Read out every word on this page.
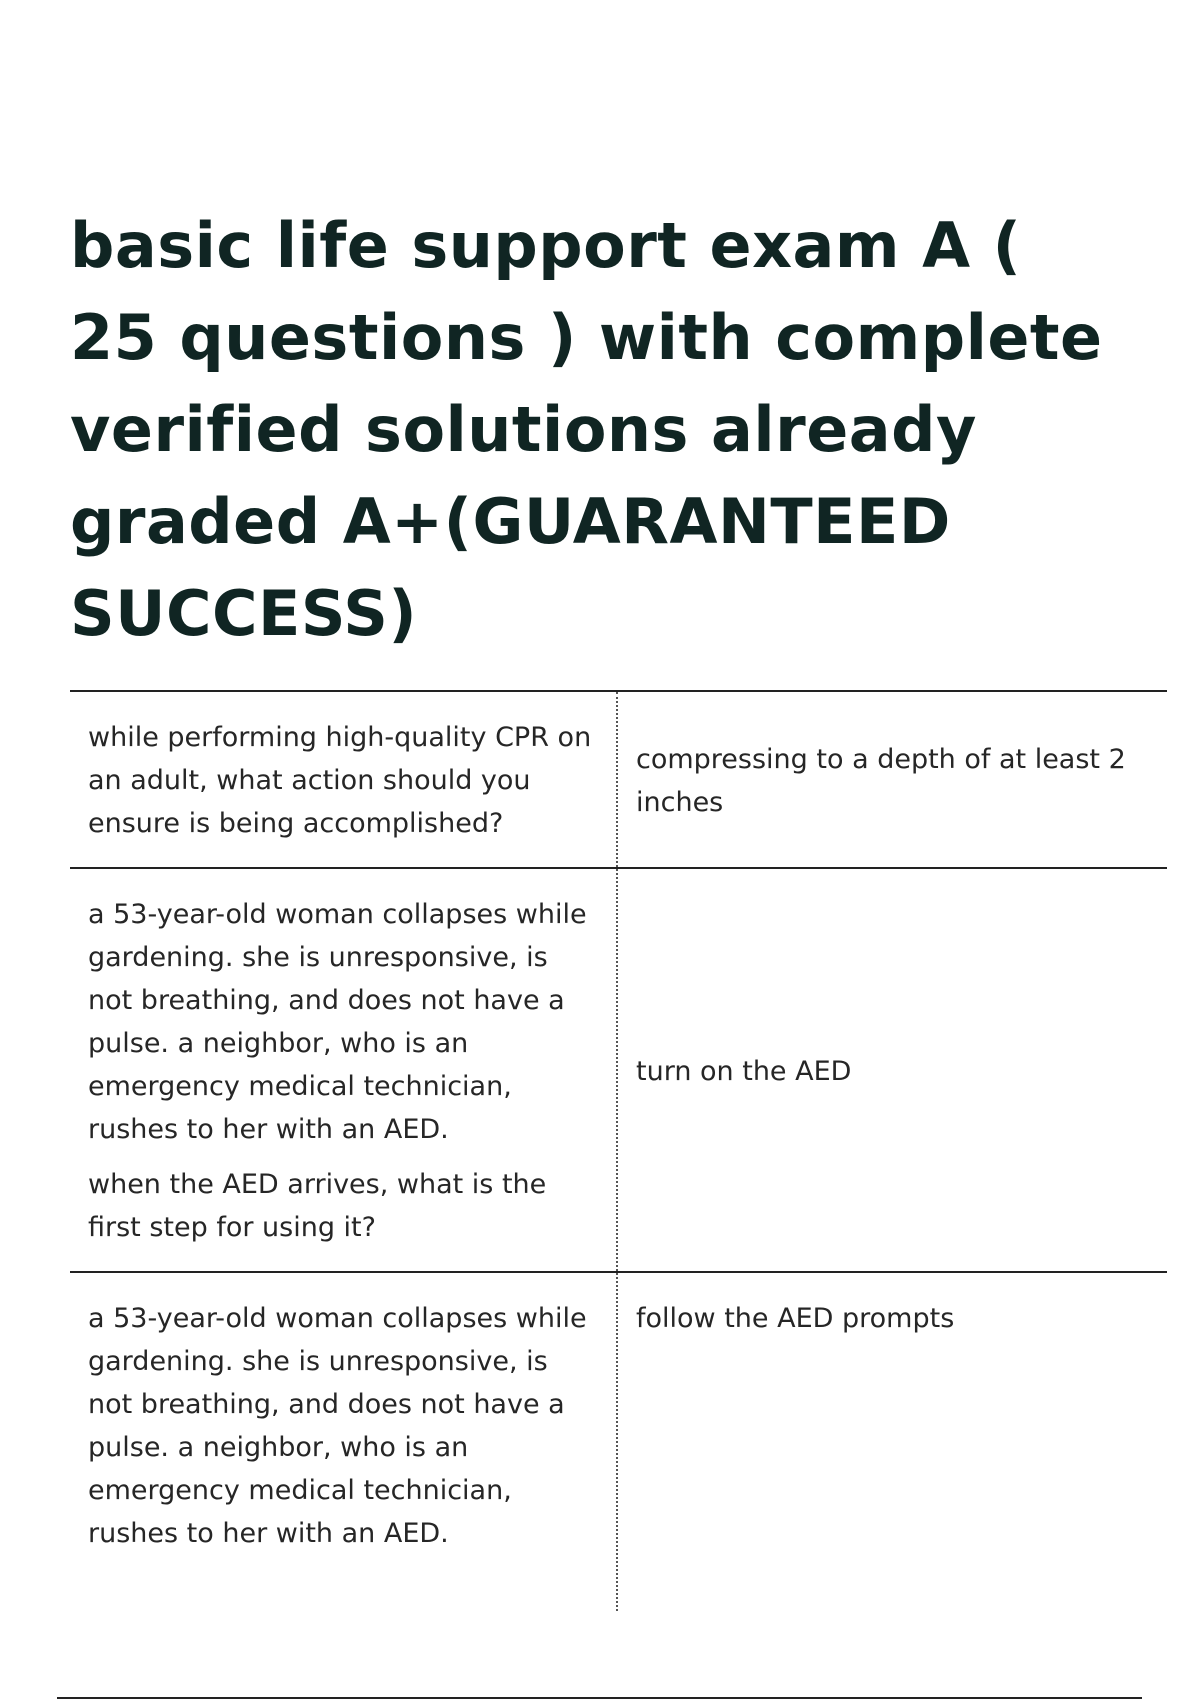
basic life support exam A ( 25 questions ) with complete verified solutions already graded A+(GUARANTEED SUCCESS)

while performing high-quality CPR on an adult, what action should you ensure is being accomplished?

compressing to a depth of at least 2 inches

a 53-year-old woman collapses while gardening. she is unresponsive, is not breathing, and does not have a pulse. a neighbor, who is an emergency medical technician, rushes to her with an AED.

when the AED arrives, what is the first step for using it?

turn on the AED

a 53-year-old woman collapses while gardening. she is unresponsive, is not breathing, and does not have a pulse. a neighbor, who is an emergency medical technician, rushes to her with an AED.

follow the AED prompts
